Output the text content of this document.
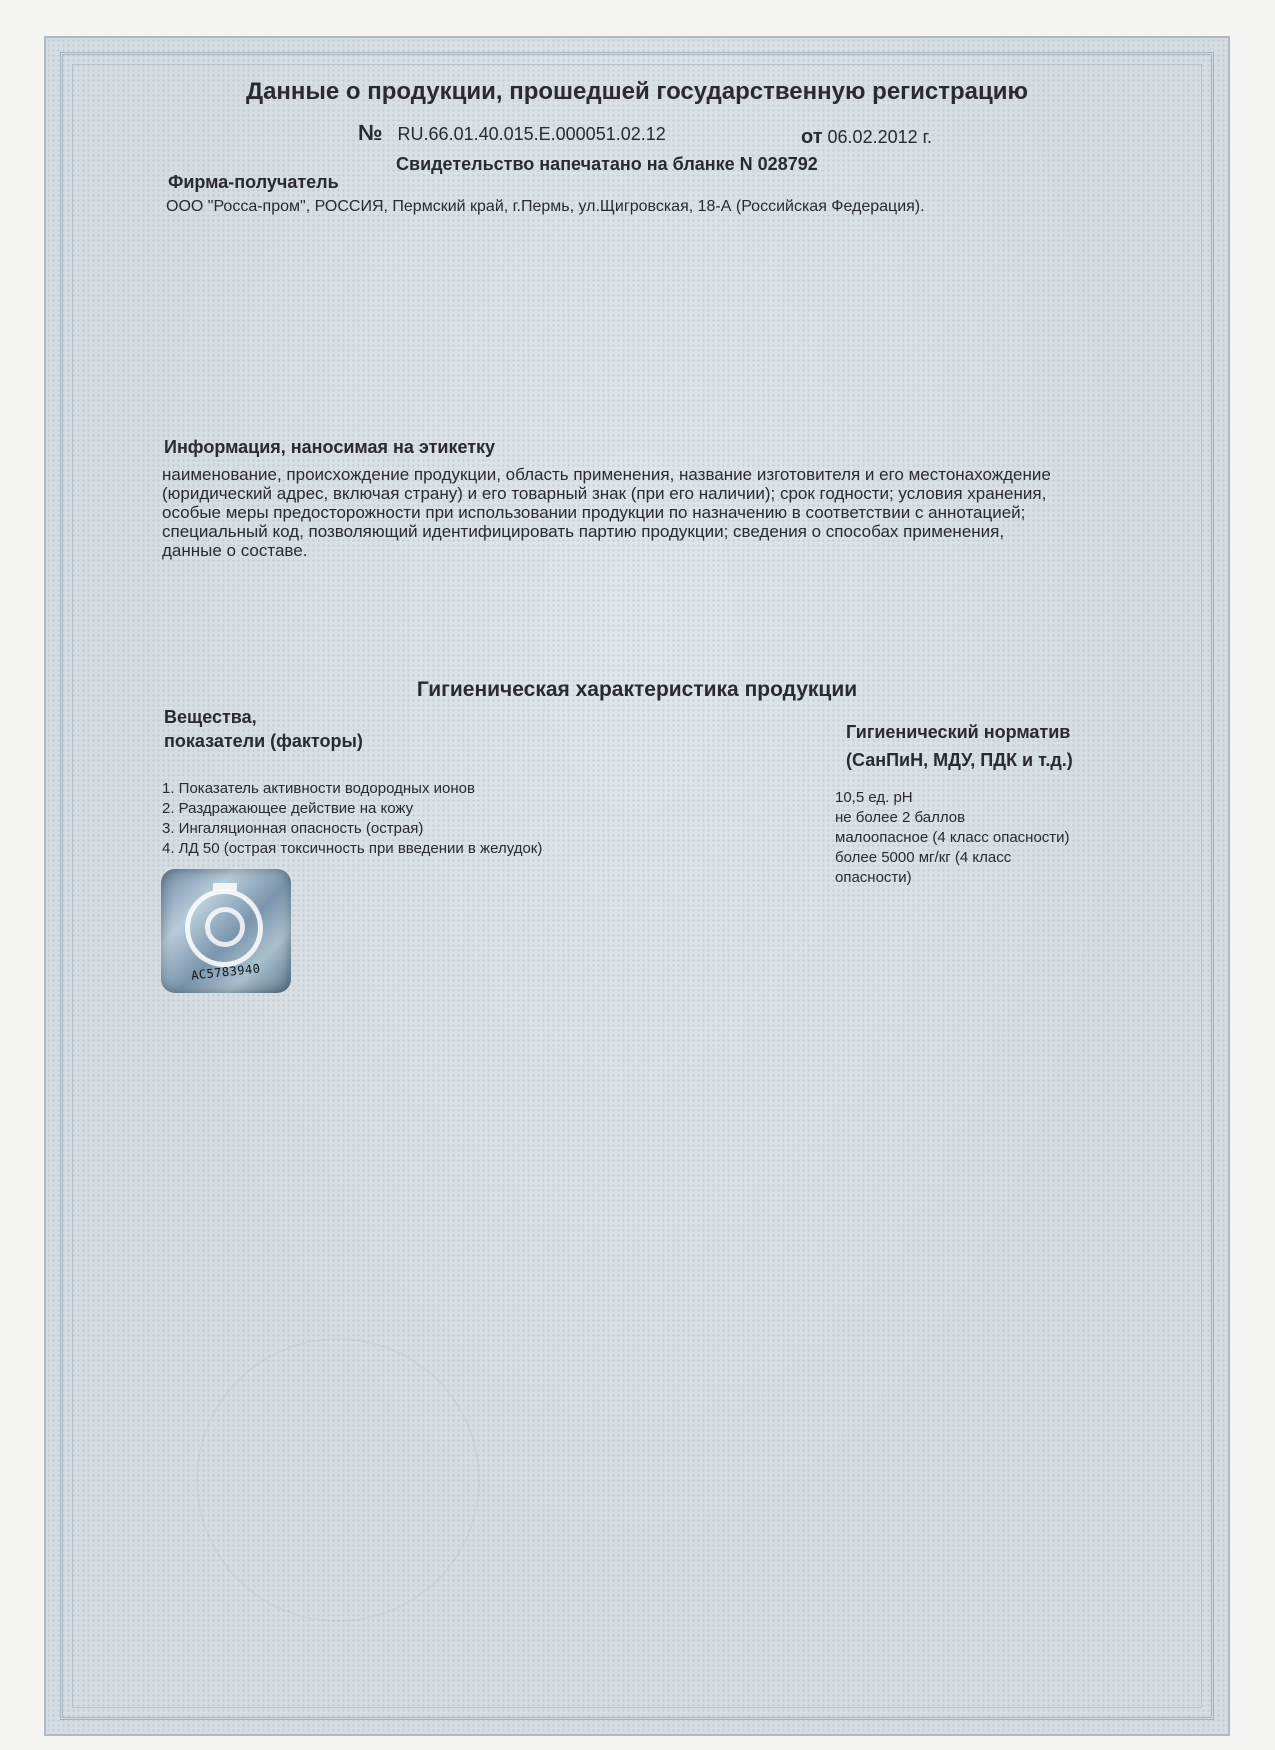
Данные о продукции, прошедшей государственную регистрацию
№ RU.66.01.40.015.Е.000051.02.12	от 06.02.2012 г.
Свидетельство напечатано на бланке N 028792
Фирма-получатель
ООО "Росса-пром", РОССИЯ, Пермский край, г.Пермь, ул.Щигровская, 18-А (Российская Федерация).
Информация, наносимая на этикетку
наименование, происхождение продукции, область применения, название изготовителя и его местонахождение (юридический адрес, включая страну) и его товарный знак (при его наличии); срок годности; условия хранения, особые меры предосторожности при использовании продукции по назначению в соответствии с аннотацией; специальный код, позволяющий идентифицировать партию продукции; сведения о способах применения, данные о составе.
Гигиеническая характеристика продукции
Вещества,
показатели (факторы)	Гигиенический норматив
(СанПиН, МДУ, ПДК и т.д.)
1. Показатель активности водородных ионов
2. Раздражающее действие на кожу
3. Ингаляционная опасность (острая)
4. ЛД 50 (острая токсичность при введении в желудок)
10,5 ед. рН
не более 2 баллов
малоопасное (4 класс опасности)
более 5000 мг/кг (4 класс
опасности)
AC5783940
